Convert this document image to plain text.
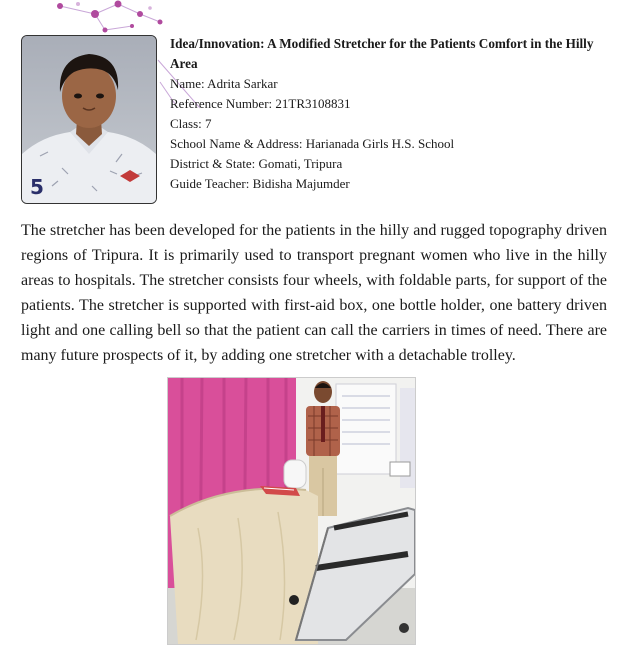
5
Idea/Innovation: A Modified Stretcher for the Patients Comfort in the Hilly Area
Name: Adrita Sarkar
Reference Number: 21TR3108831
Class: 7
School Name & Address: Harianada Girls H.S. School
District & State: Gomati, Tripura
Guide Teacher: Bidisha Majumder

The stretcher has been developed for the patients in the hilly and rugged topography driven regions of Tripura. It is primarily used to transport pregnant women who live in the hilly areas to hospitals. The stretcher consists four wheels, with foldable parts, for support of the patients. The stretcher is supported with first-aid box, one bottle holder, one battery driven light and one calling bell so that the patient can call the carriers in times of need. There are many future prospects of it, by adding one stretcher with a detachable trolley.
